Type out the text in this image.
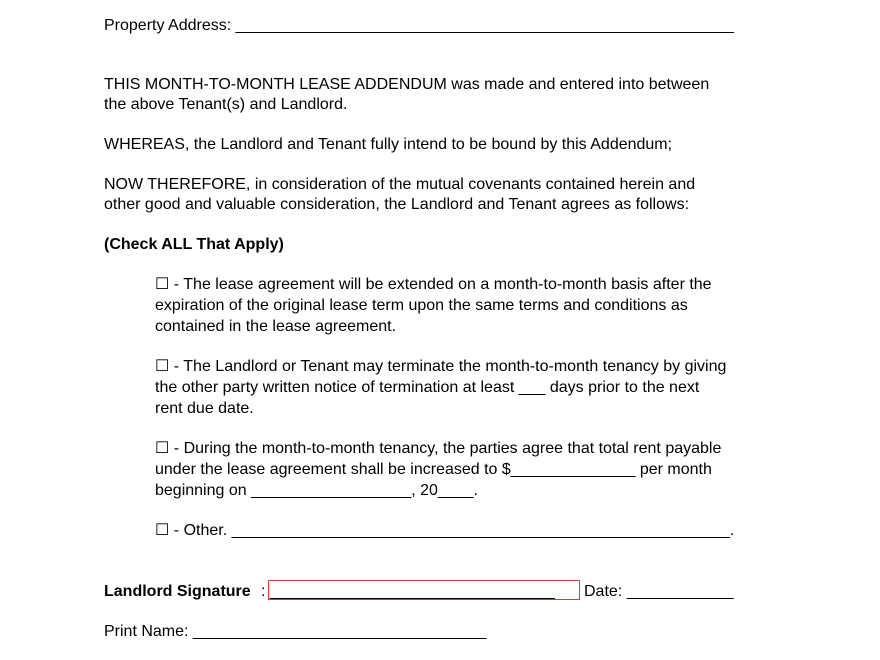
Property Address: ________________________________________________________
THIS MONTH-TO-MONTH LEASE ADDENDUM was made and entered into between
the above Tenant(s) and Landlord.
WHEREAS, the Landlord and Tenant fully intend to be bound by this Addendum;
NOW THEREFORE, in consideration of the mutual covenants contained herein and
other good and valuable consideration, the Landlord and Tenant agrees as follows:
(Check ALL That Apply)
☐ - The lease agreement will be extended on a month-to-month basis after the
expiration of the original lease term upon the same terms and conditions as
contained in the lease agreement.
☐ - The Landlord or Tenant may terminate the month-to-month tenancy by giving
the other party written notice of termination at least ___ days prior to the next
rent due date.
☐ - During the month-to-month tenancy, the parties agree that total rent payable
under the lease agreement shall be increased to $______________ per month
beginning on __________________, 20____.
☐ - Other. ________________________________________________________.
Landlord Signature : ________________________________ Date: ____________
Print Name: _________________________________
